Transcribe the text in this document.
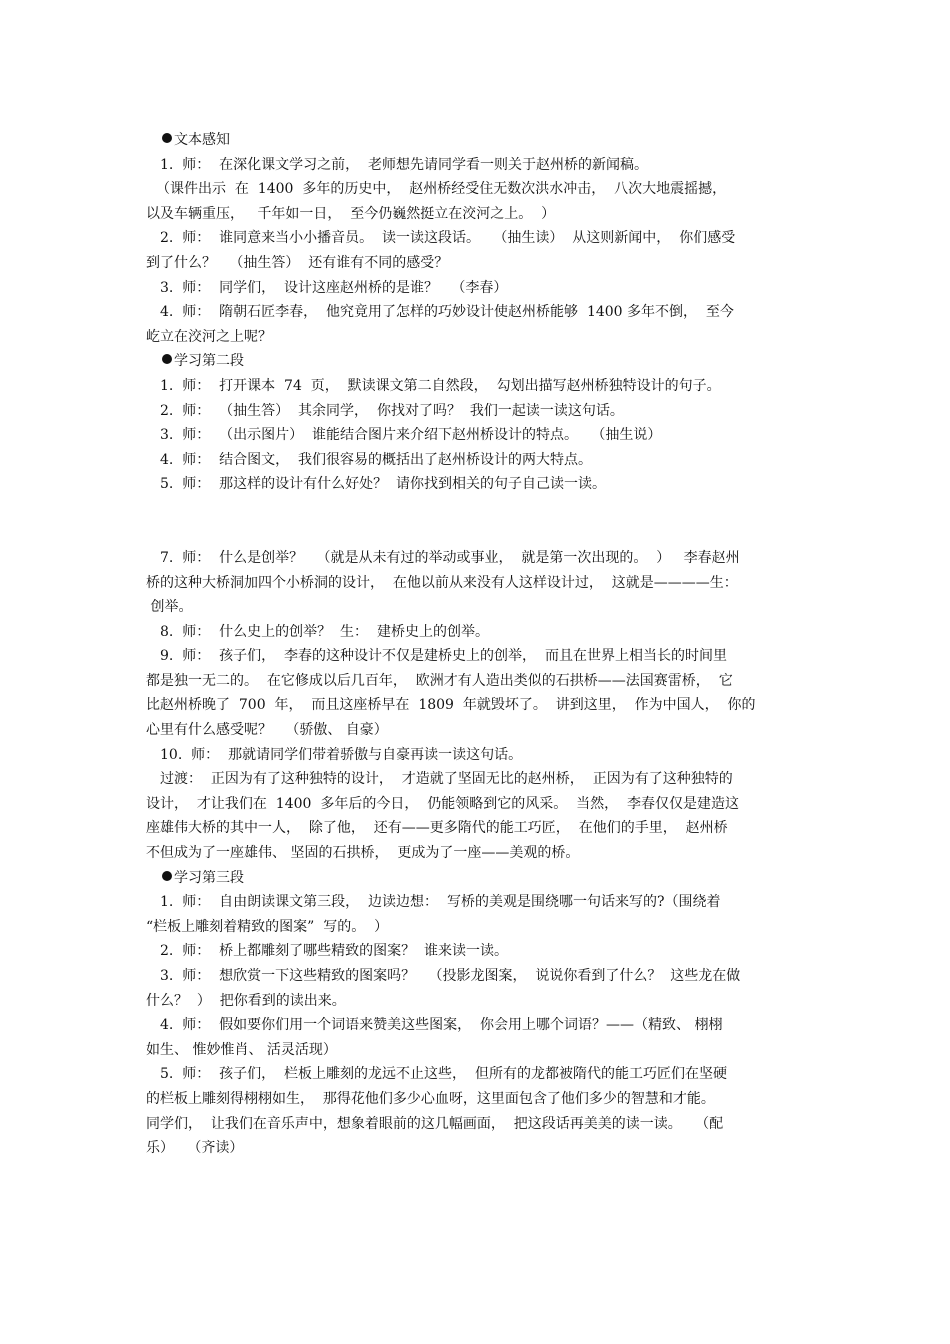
文本感知

1.  师：  在深化课文学习之前，  老师想先请同学看一则关于赵州桥的新闻稿。

（课件出示  在  1400  多年的历史中，  赵州桥经受住无数次洪水冲击，  八次大地震摇撼，

以及车辆重压，   千年如一日，  至今仍巍然挺立在洨河之上。  ）

2.  师：  谁同意来当小小播音员。  读一读这段话。   （抽生读）  从这则新闻中，  你们感受

到了什么？   （抽生答）  还有谁有不同的感受？

3.  师：  同学们，  设计这座赵州桥的是谁？   （李春）

4.  师：  隋朝石匠李春，  他究竟用了怎样的巧妙设计使赵州桥能够  1400 多年不倒，  至今

屹立在洨河之上呢？

学习第二段

1.  师：  打开课本  74  页，  默读课文第二自然段，  勾划出描写赵州桥独特设计的句子。

2.  师：  （抽生答）  其余同学，  你找对了吗？  我们一起读一读这句话。

3.  师：  （出示图片）  谁能结合图片来介绍下赵州桥设计的特点。   （抽生说）

4.  师：  结合图文，  我们很容易的概括出了赵州桥设计的两大特点。

5.  师：  那这样的设计有什么好处？  请你找到相关的句子自己读一读。

7.  师：  什么是创举？   （就是从未有过的举动或事业，  就是第一次出现的。  ）   李春赵州

桥的这种大桥洞加四个小桥洞的设计，  在他以前从来没有人这样设计过，  这就是————生：

创举。

8.  师：  什么史上的创举？  生：  建桥史上的创举。

9.  师：  孩子们，  李春的这种设计不仅是建桥史上的创举，  而且在世界上相当长的时间里

都是独一无二的。  在它修成以后几百年，  欧洲才有人造出类似的石拱桥——法国赛雷桥，  它

比赵州桥晚了  700  年，  而且这座桥早在  1809  年就毁坏了。  讲到这里，  作为中国人，  你的

心里有什么感受呢？   （骄傲、 自豪）

10.  师：  那就请同学们带着骄傲与自豪再读一读这句话。

过渡：  正因为有了这种独特的设计，  才造就了坚固无比的赵州桥，  正因为有了这种独特的

设计，  才让我们在  1400  多年后的今日，  仍能领略到它的风采。  当然，  李春仅仅是建造这

座雄伟大桥的其中一人，  除了他，  还有——更多隋代的能工巧匠，  在他们的手里，  赵州桥

不但成为了一座雄伟、 坚固的石拱桥，  更成为了一座——美观的桥。

学习第三段

1.  师：  自由朗读课文第三段，  边读边想：  写桥的美观是围绕哪一句话来写的?（围绕着

“栏板上雕刻着精致的图案”  写的。  ）

2.  师：  桥上都雕刻了哪些精致的图案？  谁来读一读。

3.  师：  想欣赏一下这些精致的图案吗？   （投影龙图案，  说说你看到了什么？  这些龙在做

什么？  ）  把你看到的读出来。

4.  师：  假如要你们用一个词语来赞美这些图案，  你会用上哪个词语？——（精致、 栩栩

如生、 惟妙惟肖、 活灵活现）

5.  师：  孩子们，  栏板上雕刻的龙远不止这些，  但所有的龙都被隋代的能工巧匠们在坚硬

的栏板上雕刻得栩栩如生，  那得花他们多少心血呀，这里面包含了他们多少的智慧和才能。

同学们，  让我们在音乐声中，想象着眼前的这几幅画面，  把这段话再美美的读一读。   （配

乐）   （齐读）
